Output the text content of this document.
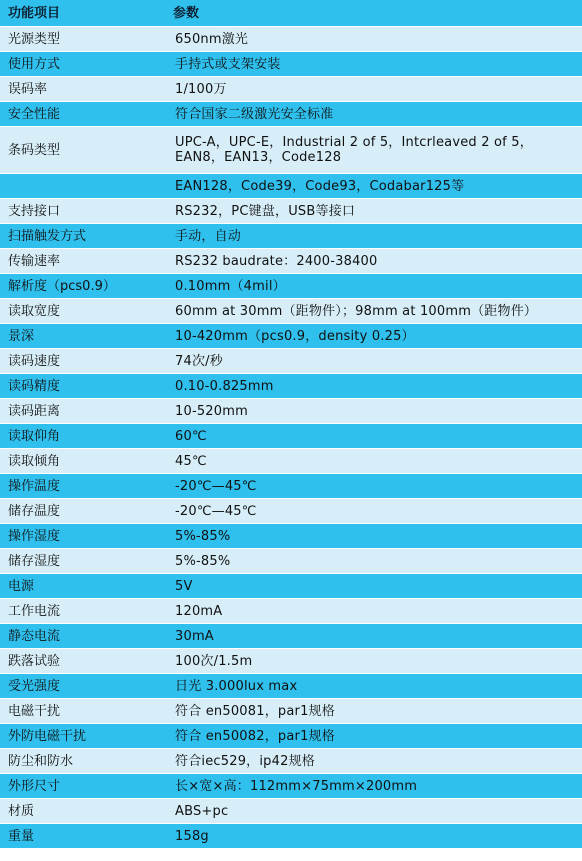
功能项目	参数
光源类型	650nm激光
使用方式	手持式或支架安装
误码率	1/100万
安全性能	符合国家二级激光安全标准
条码类型	UPC-A，UPC-E，Industrial 2 of 5，Intcrleaved 2 of 5，EAN8，EAN13，Code128
	EAN128，Code39，Code93，Codabar125等
支持接口	RS232，PC键盘，USB等接口
扫描触发方式	手动，自动
传输速率	RS232 baudrate：2400-38400
解析度（pcs0.9）	0.10mm（4mil）
读取宽度	60mm at 30mm（距物件）；98mm at 100mm（距物件）
景深	10-420mm（pcs0.9，density 0.25）
读码速度	74次/秒
读码精度	0.10-0.825mm
读码距离	10-520mm
读取仰角	60℃
读取倾角	45℃
操作温度	-20℃—45℃
储存温度	-20℃—45℃
操作湿度	5%-85%
储存湿度	5%-85%
电源	5V
工作电流	120mA
静态电流	30mA
跌落试验	100次/1.5m
受光强度	日光 3.000lux max
电磁干扰	符合 en50081，par1规格
外防电磁干扰	符合 en50082，par1规格
防尘和防水	符合iec529，ip42规格
外形尺寸	长×宽×高：112mm×75mm×200mm
材质	ABS+pc
重量	158g
